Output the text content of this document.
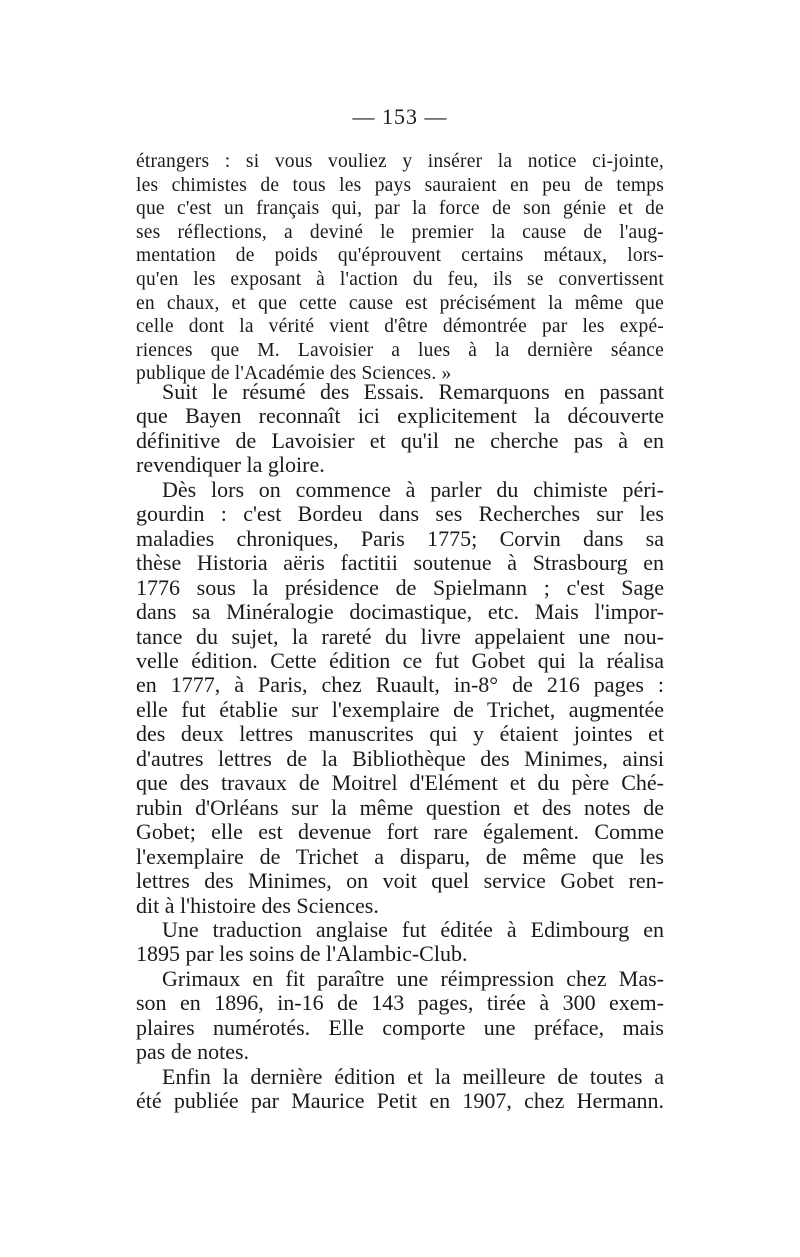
— 153 —
étrangers : si vous vouliez y insérer la notice ci-jointe,
les chimistes de tous les pays sauraient en peu de temps
que c'est un français qui, par la force de son génie et de
ses réflections, a deviné le premier la cause de l'aug-
mentation de poids qu'éprouvent certains métaux, lors-
qu'en les exposant à l'action du feu, ils se convertissent
en chaux, et que cette cause est précisément la même que
celle dont la vérité vient d'être démontrée par les expé-
riences que M. Lavoisier a lues à la dernière séance
publique de l'Académie des Sciences. »
Suit le résumé des Essais. Remarquons en passant
que Bayen reconnaît ici explicitement la découverte
définitive de Lavoisier et qu'il ne cherche pas à en
revendiquer la gloire.
Dès lors on commence à parler du chimiste péri-
gourdin : c'est Bordeu dans ses Recherches sur les
maladies chroniques, Paris 1775; Corvin dans sa
thèse Historia aëris factitii soutenue à Strasbourg en
1776 sous la présidence de Spielmann ; c'est Sage
dans sa Minéralogie docimastique, etc. Mais l'impor-
tance du sujet, la rareté du livre appelaient une nou-
velle édition. Cette édition ce fut Gobet qui la réalisa
en 1777, à Paris, chez Ruault, in-8° de 216 pages :
elle fut établie sur l'exemplaire de Trichet, augmentée
des deux lettres manuscrites qui y étaient jointes et
d'autres lettres de la Bibliothèque des Minimes, ainsi
que des travaux de Moitrel d'Elément et du père Ché-
rubin d'Orléans sur la même question et des notes de
Gobet; elle est devenue fort rare également. Comme
l'exemplaire de Trichet a disparu, de même que les
lettres des Minimes, on voit quel service Gobet ren-
dit à l'histoire des Sciences.
Une traduction anglaise fut éditée à Edimbourg en
1895 par les soins de l'Alambic-Club.
Grimaux en fit paraître une réimpression chez Mas-
son en 1896, in-16 de 143 pages, tirée à 300 exem-
plaires numérotés. Elle comporte une préface, mais
pas de notes.
Enfin la dernière édition et la meilleure de toutes a
été publiée par Maurice Petit en 1907, chez Hermann.
